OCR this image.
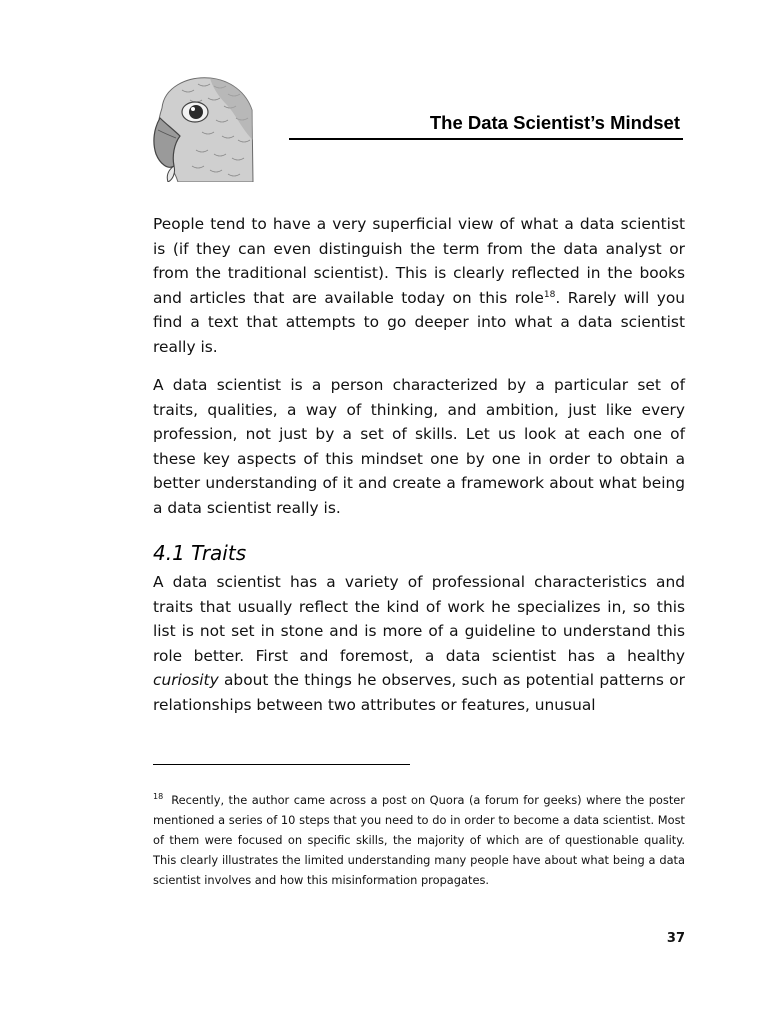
The Data Scientist’s Mindset

People tend to have a very superficial view of what a data scientist is (if they can even distinguish the term from the data analyst or from the traditional scientist). This is clearly reflected in the books and articles that are available today on this role$^{18}$. Rarely will you find a text that attempts to go deeper into what a data scientist really is.

A data scientist is a person characterized by a particular set of traits, qualities, a way of thinking, and ambition, just like every profession, not just by a set of skills. Let us look at each one of these key aspects of this mindset one by one in order to obtain a better understanding of it and create a framework about what being a data scientist really is.

4.1 Traits

A data scientist has a variety of professional characteristics and traits that usually reflect the kind of work he specializes in, so this list is not set in stone and is more of a guideline to understand this role better. First and foremost, a data scientist has a healthy curiosity about the things he observes, such as potential patterns or relationships between two attributes or features, unusual

$^{18}$ Recently, the author came across a post on Quora (a forum for geeks) where the poster mentioned a series of 10 steps that you need to do in order to become a data scientist. Most of them were focused on specific skills, the majority of which are of questionable quality. This clearly illustrates the limited understanding many people have about what being a data scientist involves and how this misinformation propagates.

37
